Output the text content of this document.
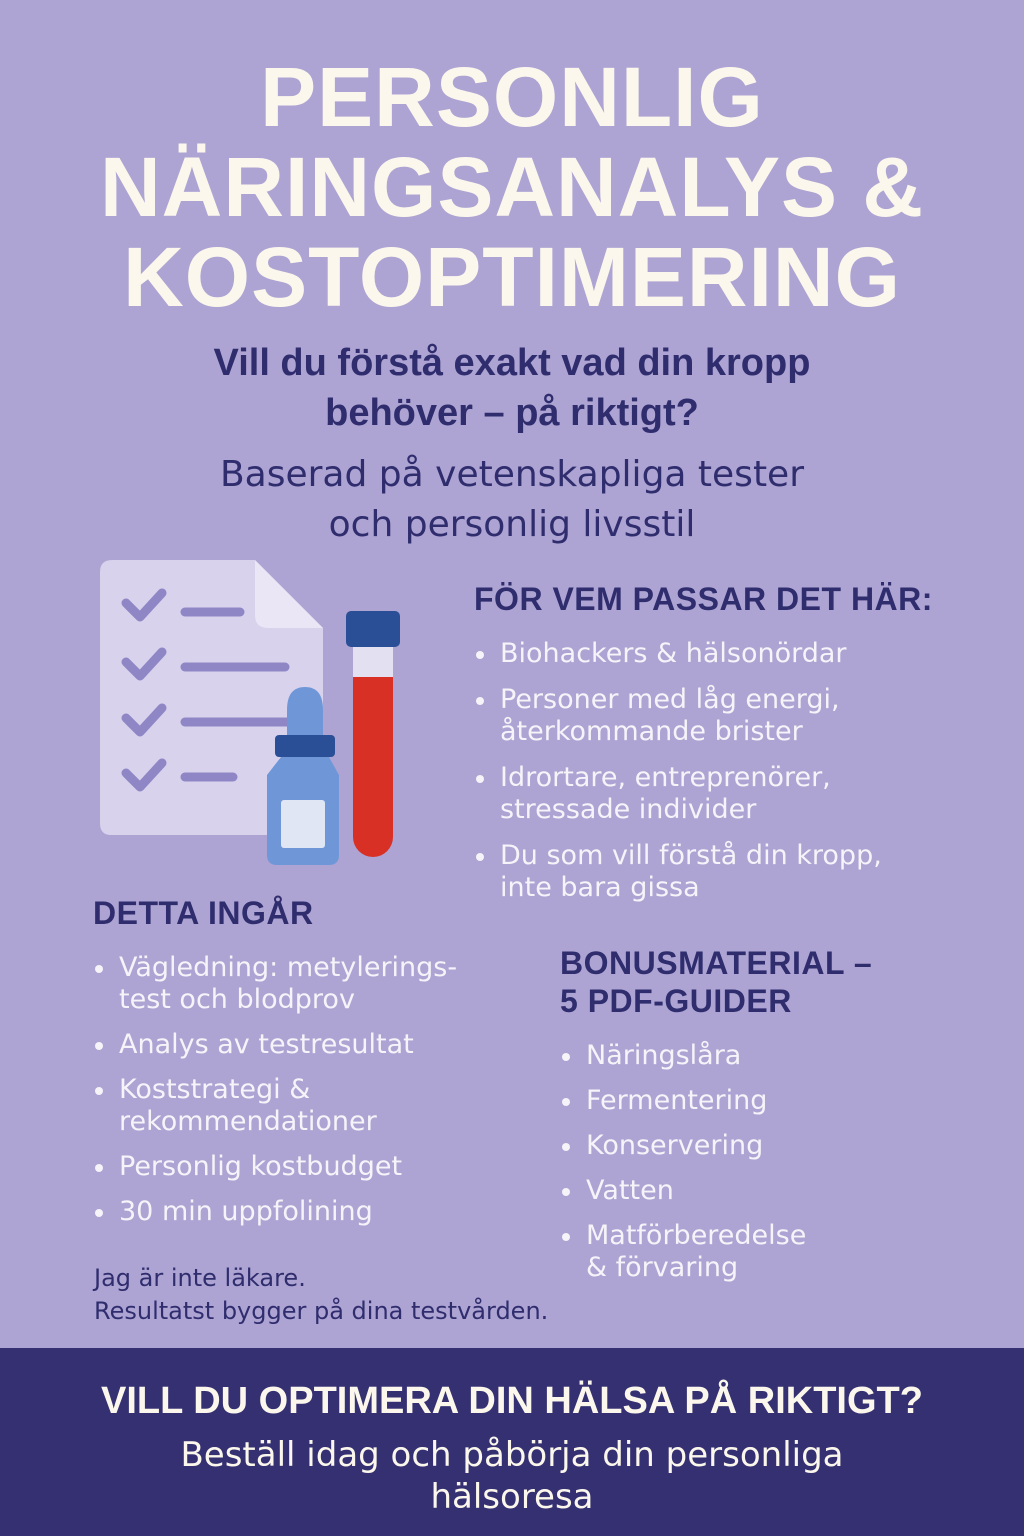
PERSONLIG
NÄRINGSANALYS &
KOSTOPTIMERING
Vill du förstå exakt vad din kropp
behöver – på riktigt?

Baserad på vetenskapliga tester
och personlig livsstil

FÖR VEM PASSAR DET HÄR:
Biohackers & hälsonördar
Personer med låg energi,
återkommande brister
Idrortare, entreprenörer,
stressade individer
Du som vill förstå din kropp,
inte bara gissa
DETTA INGÅR
Vägledning: metylerings-
test och blodprov
Analys av testresultat
Koststrategi &
rekommendationer
Personlig kostbudget
30 min uppfolining
BONUSMATERIAL –
5 PDF-GUIDER
Näringslåra
Fermentering
Konservering
Vatten
Matförberedelse
& förvaring

Jag är inte läkare.
Resultatst bygger på dina testvården.

VILL DU OPTIMERA DIN HÄLSA PÅ RIKTIGT?

Beställ idag och påbörja din personliga
hälsoresa
